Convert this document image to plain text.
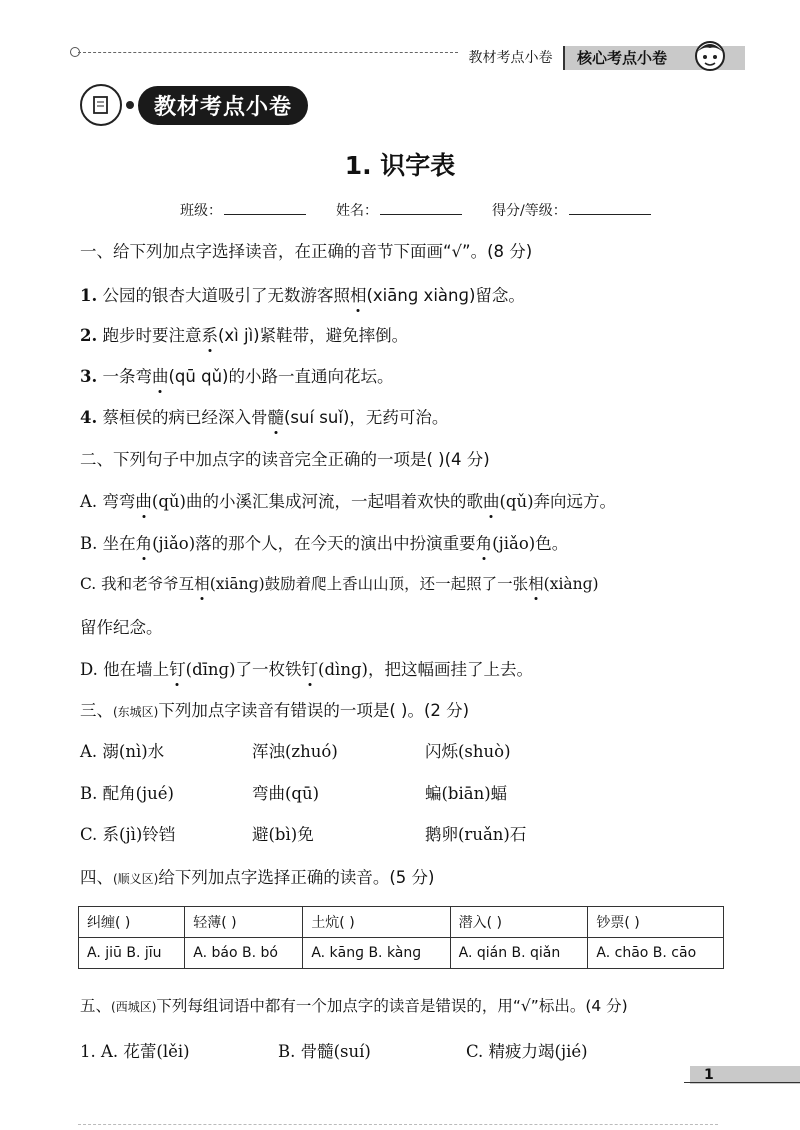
教材考点小卷	核心考点小卷
教材考点小卷
1. 识字表
班级：	姓名：	得分/等级：
一、给下列加点字选择读音，在正确的音节下面画“√”。(8 分)
1. 公园的银杏大道吸引了无数游客照相(xiānɡ xiànɡ)留念。
2. 跑步时要注意系(xì jì)紧鞋带，避免摔倒。
3. 一条弯曲(qū qǔ)的小路一直通向花坛。
4. 蔡桓侯的病已经深入骨髓(suí suǐ)，无药可治。
二、下列句子中加点字的读音完全正确的一项是( )(4 分)
A. 弯弯曲(qǔ)曲的小溪汇集成河流，一起唱着欢快的歌曲(qǔ)奔向远方。
B. 坐在角(jiǎo)落的那个人，在今天的演出中扮演重要角(jiǎo)色。
C. 我和老爷爷互相(xiānɡ)鼓励着爬上香山山顶，还一起照了一张相(xiànɡ)
留作纪念。
D. 他在墙上钉(dīnɡ)了一枚铁钉(dìnɡ)，把这幅画挂了上去。
三、(东城区)下列加点字读音有错误的一项是( )。(2 分)
A. 溺(nì)水	浑浊(zhuó)	闪烁(shuò)
B. 配角(jué)	弯曲(qū)	蝙(biān)蝠
C. 系(jì)铃铛	避(bì)免	鹅卵(ruǎn)石
四、(顺义区)给下列加点字选择正确的读音。(5 分)
纠缠( )	轻薄( )	土炕( )	潜入( )	钞票( )
A. jiū B. jīu	A. báo B. bó	A. kānɡ B. kànɡ	A. qián B. qiǎn	A. chāo B. cāo
五、(西城区)下列每组词语中都有一个加点字的读音是错误的，用“√”标出。(4 分)
1. A. 花蕾(lěi)	B. 骨髓(suí)	C. 精疲力竭(jié)
1
